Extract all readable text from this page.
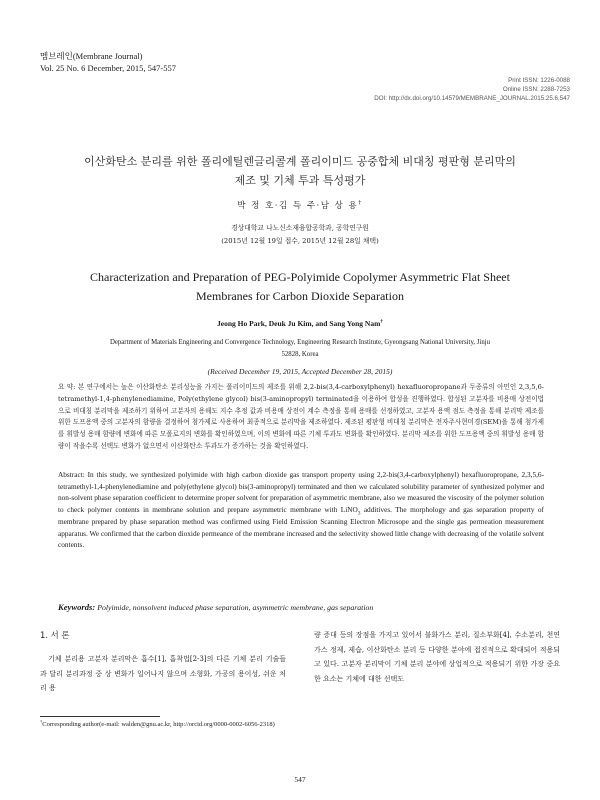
멤브레인(Membrane Journal)
Vol. 25 No. 6 December, 2015, 547-557
Print ISSN: 1226-0088
Online ISSN: 2288-7253
DOI: http://dx.doi.org/10.14579/MEMBRANE_JOURNAL.2015.25.6.547
이산화탄소 분리를 위한 폴리에틸렌글리콜계 폴리이미드 공중합체 비대칭 평판형 분리막의
제조 및 기체 투과 특성평가
박 정 호·김 득 주·남 상 용†
경상대학교 나노신소재융합공학과, 공학연구원
(2015년 12월 19일 접수, 2015년 12월 28일 채택)
Characterization and Preparation of PEG-Polyimide Copolymer Asymmetric Flat Sheet
Membranes for Carbon Dioxide Separation
Jeong Ho Park, Deuk Ju Kim, and Sang Yong Nam†
Department of Materials Engineering and Convergence Technology, Engineering Research Institute, Gyeongsang National University, Jinju
52828, Korea
(Received December 19, 2015, Accepted December 28, 2015)
요 약: 본 연구에서는 높은 이산화탄소 분리성능을 가지는 폴리이미드의 제조를 위해 2,2-bis(3,4-carboxylphenyl) hexafluoropropane과 두종류의 아민인 2,3,5,6-tetramethyl-1,4-phenylenediamine, Poly(ethylene glycol) bis(3-aminopropyl) terminated을 이용하여 합성을 진행하였다. 합성된 고분자를 비용매 상전이법으로 비대칭 분리막을 제조하기 위하여 고분자의 용해도 지수 추정 값과 비용매 상전이 계수 측정을 통해 용매를 선정하였고, 고분자 용액 점도 측정을 통해 분리막 제조를 위한 도프용액 중의 고분자의 함량을 결정하여 첨가제로 사용하여 최종적으로 분리막을 제조하였다. 제조된 평판형 비대칭 분리막은 전자주사현미경(SEM)을 통해 첨가제를 휘발성 용매 함량에 변화에 따른 모폴로지의 변화를 확인하였으며, 이의 변화에 따른 기체 투과도 변화를 확인하였다. 분리막 제조를 위한 도프용액 중의 휘발성 용매 함량이 작을수록 선택도 변화가 없으면서 이산화탄소 투과도가 증가하는 것을 확인하였다.
Abstract: In this study, we synthesized polyimide with high carbon dioxide gas transport property using 2,2-bis(3,4-carboxylphenyl) hexafluoropropane, 2,3,5,6-tetramethyl-1,4-phenylenediamine and poly(ethylene glycol) bis(3-aminopropyl) terminated and then we calculated solubility parameter of synthesized polymer and non-solvent phase separation coefficient to determine proper solvent for preparation of asymmetric membrane, also we measured the viscosity of the polymer solution to check polymer contents in membrane solution and prepare asymmetric membrane with LiNO$_3$ additives. The morphology and gas separation property of membrane prepared by phase separation method was confirmed using Field Emission Scanning Electron Microsope and the single gas permeation measurement apparatus. We confirmed that the carbon dioxide permeance of the membrane increased and the selectivity showed little change with decreasing of the volatile solvent contents.
Keywords: Polyimide, nonsolvent induced phase separation, asymmetric membrane, gas separation
1. 서 론
기체 분리용 고분자 분리막은 흡수[1], 흡착법[2-3]의 다른 기체 분리 기술들과 달리 분리과정 중 상 변화가 일어나지 않으며 소형화, 가공의 용이성, 쉬운 처리 용
량 증대 등의 장점을 가지고 있어서 불화가스 분리, 질소부화[4], 수소분리, 천연가스 정제, 제습, 이산화탄소 분리 등 다양한 분야에 접진적으로 확대되어 적용되고 있다. 고분자 분리막이 기체 분리 분야에 상업적으로 적용되기 위한 가장 중요한 요소는 기체에 대한 선택도
†Corresponding author(e-mail: walden@gnu.ac.kr, http://orcid.org/0000-0002-6056-2318)
547
